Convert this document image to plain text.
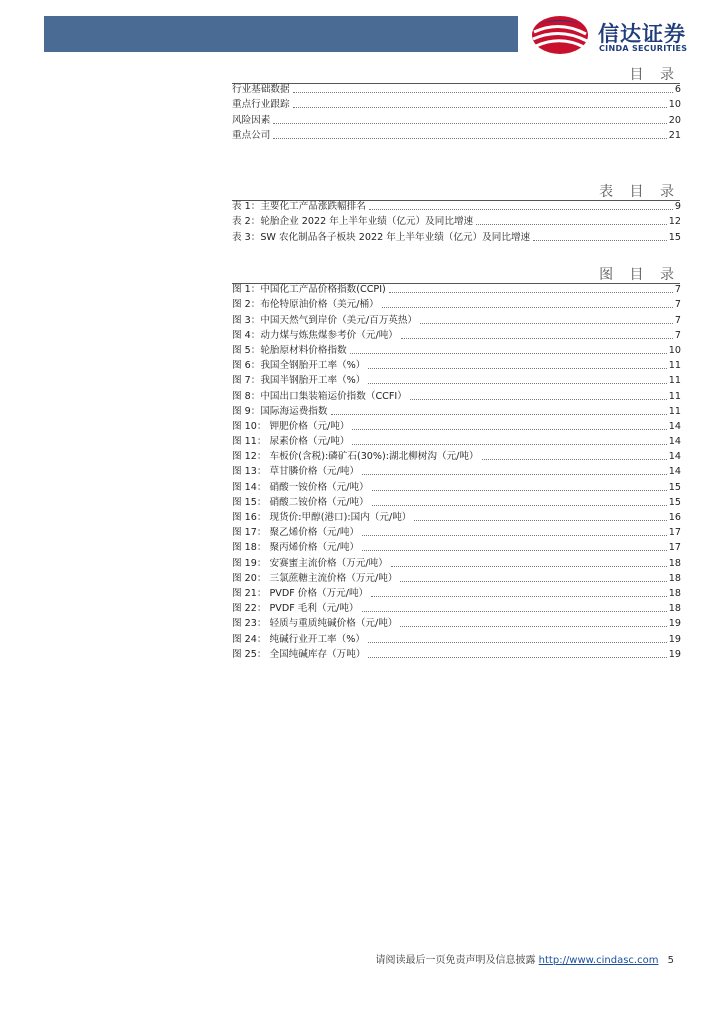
信达证券
CINDA SECURITIES
目 录
行业基础数据	6
重点行业跟踪	10
风险因素	20
重点公司	21
表 目 录
表 1：主要化工产品涨跌幅排名	9
表 2：轮胎企业 2022 年上半年业绩（亿元）及同比增速	12
表 3：SW 农化制品各子板块 2022 年上半年业绩（亿元）及同比增速	15
图 目 录
图 1：中国化工产品价格指数(CCPI)	7
图 2：布伦特原油价格（美元/桶）	7
图 3：中国天然气到岸价（美元/百万英热）	7
图 4：动力煤与炼焦煤参考价（元/吨）	7
图 5：轮胎原材料价格指数	10
图 6：我国全钢胎开工率（%）	11
图 7：我国半钢胎开工率（%）	11
图 8：中国出口集装箱运价指数（CCFI）	11
图 9：国际海运费指数	11
图 10： 钾肥价格（元/吨）	14
图 11： 尿素价格（元/吨）	14
图 12： 车板价(含税):磷矿石(30%):湖北柳树沟（元/吨）	14
图 13： 草甘膦价格（元/吨）	14
图 14： 硝酸一铵价格（元/吨）	15
图 15： 硝酸二铵价格（元/吨）	15
图 16： 现货价:甲醇(港口):国内（元/吨）	16
图 17： 聚乙烯价格（元/吨）	17
图 18： 聚丙烯价格（元/吨）	17
图 19： 安赛蜜主流价格（万元/吨）	18
图 20： 三氯蔗糖主流价格（万元/吨）	18
图 21： PVDF 价格（万元/吨）	18
图 22： PVDF 毛利（元/吨）	18
图 23： 轻质与重质纯碱价格（元/吨）	19
图 24： 纯碱行业开工率（%）	19
图 25： 全国纯碱库存（万吨）	19
请阅读最后一页免责声明及信息披露 http://www.cindasc.com 5
